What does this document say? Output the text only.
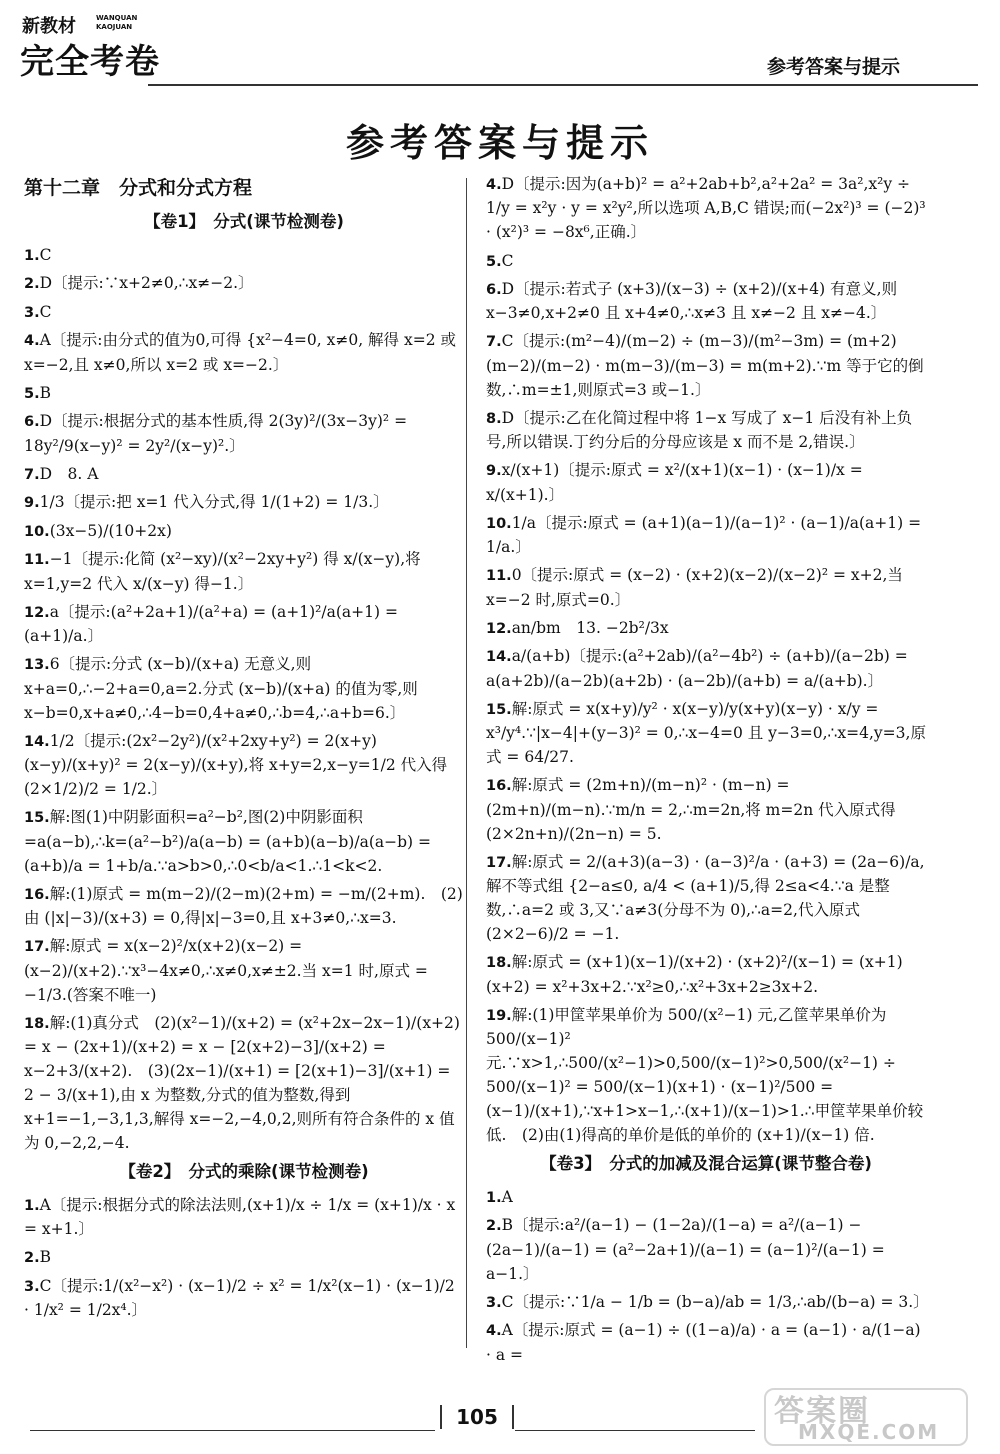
新教材	WANQUAN
KAOJUAN
完全考卷	参考答案与提示
参考答案与提示
第十二章　分式和分式方程
【卷1】　分式(课节检测卷)
1.C
2.D〔提示:∵x+2≠0,∴x≠−2.〕
3.C
4.A〔提示:由分式的值为0,可得 {x²−4=0, x≠0, 解得 x=2 或 x=−2,且 x≠0,所以 x=2 或 x=−2.〕
5.B
6.D〔提示:根据分式的基本性质,得 2(3y)²/(3x−3y)² = 18y²/9(x−y)² = 2y²/(x−y)².〕
7.D　8. A
9.1/3〔提示:把 x=1 代入分式,得 1/(1+2) = 1/3.〕
10.(3x−5)/(10+2x)
11.−1〔提示:化简 (x²−xy)/(x²−2xy+y²) 得 x/(x−y),将 x=1,y=2 代入 x/(x−y) 得−1.〕
12.a〔提示:(a²+2a+1)/(a²+a) = (a+1)²/a(a+1) = (a+1)/a.〕
13.6〔提示:分式 (x−b)/(x+a) 无意义,则 x+a=0,∴−2+a=0,a=2.分式 (x−b)/(x+a) 的值为零,则 x−b=0,x+a≠0,∴4−b=0,4+a≠0,∴b=4,∴a+b=6.〕
14.1/2〔提示:(2x²−2y²)/(x²+2xy+y²) = 2(x+y)(x−y)/(x+y)² = 2(x−y)/(x+y),将 x+y=2,x−y=1/2 代入得 (2×1/2)/2 = 1/2.〕
15.解:图(1)中阴影面积=a²−b²,图(2)中阴影面积=a(a−b),∴k=(a²−b²)/a(a−b) = (a+b)(a−b)/a(a−b) = (a+b)/a = 1+b/a.∵a>b>0,∴0<b/a<1.∴1<k<2.
16.解:(1)原式 = m(m−2)/(2−m)(2+m) = −m/(2+m).　(2)由 (|x|−3)/(x+3) = 0,得|x|−3=0,且 x+3≠0,∴x=3.
17.解:原式 = x(x−2)²/x(x+2)(x−2) = (x−2)/(x+2).∵x³−4x≠0,∴x≠0,x≠±2.当 x=1 时,原式 = −1/3.(答案不唯一)
18.解:(1)真分式　(2)(x²−1)/(x+2) = (x²+2x−2x−1)/(x+2) = x − (2x+1)/(x+2) = x − [2(x+2)−3]/(x+2) = x−2+3/(x+2).　(3)(2x−1)/(x+1) = [2(x+1)−3]/(x+1) = 2 − 3/(x+1),由 x 为整数,分式的值为整数,得到 x+1=−1,−3,1,3,解得 x=−2,−4,0,2,则所有符合条件的 x 值为 0,−2,2,−4.
【卷2】　分式的乘除(课节检测卷)
1.A〔提示:根据分式的除法法则,(x+1)/x ÷ 1/x = (x+1)/x · x = x+1.〕
2.B
3.C〔提示:1/(x²−x²) · (x−1)/2 ÷ x² = 1/x²(x−1) · (x−1)/2 · 1/x² = 1/2x⁴.〕
4.D〔提示:因为(a+b)² = a²+2ab+b²,a²+2a² = 3a²,x²y ÷ 1/y = x²y · y = x²y²,所以选项 A,B,C 错误;而(−2x²)³ = (−2)³ · (x²)³ = −8x⁶,正确.〕
5.C
6.D〔提示:若式子 (x+3)/(x−3) ÷ (x+2)/(x+4) 有意义,则 x−3≠0,x+2≠0 且 x+4≠0,∴x≠3 且 x≠−2 且 x≠−4.〕
7.C〔提示:(m²−4)/(m−2) ÷ (m−3)/(m²−3m) = (m+2)(m−2)/(m−2) · m(m−3)/(m−3) = m(m+2).∵m 等于它的倒数,∴m=±1,则原式=3 或−1.〕
8.D〔提示:乙在化简过程中将 1−x 写成了 x−1 后没有补上负号,所以错误.丁约分后的分母应该是 x 而不是 2,错误.〕
9.x/(x+1)〔提示:原式 = x²/(x+1)(x−1) · (x−1)/x = x/(x+1).〕
10.1/a〔提示:原式 = (a+1)(a−1)/(a−1)² · (a−1)/a(a+1) = 1/a.〕
11.0〔提示:原式 = (x−2) · (x+2)(x−2)/(x−2)² = x+2,当 x=−2 时,原式=0.〕
12.an/bm　13. −2b²/3x
14.a/(a+b)〔提示:(a²+2ab)/(a²−4b²) ÷ (a+b)/(a−2b) = a(a+2b)/(a−2b)(a+2b) · (a−2b)/(a+b) = a/(a+b).〕
15.解:原式 = x(x+y)/y² · x(x−y)/y(x+y)(x−y) · x/y = x³/y⁴.∵|x−4|+(y−3)² = 0,∴x−4=0 且 y−3=0,∴x=4,y=3,原式 = 64/27.
16.解:原式 = (2m+n)/(m−n)² · (m−n) = (2m+n)/(m−n).∵m/n = 2,∴m=2n,将 m=2n 代入原式得 (2×2n+n)/(2n−n) = 5.
17.解:原式 = 2/(a+3)(a−3) · (a−3)²/a · (a+3) = (2a−6)/a,解不等式组 {2−a≤0, a/4 < (a+1)/5,得 2≤a<4.∵a 是整数,∴a=2 或 3,又∵a≠3(分母不为 0),∴a=2,代入原式 (2×2−6)/2 = −1.
18.解:原式 = (x+1)(x−1)/(x+2) · (x+2)²/(x−1) = (x+1)(x+2) = x²+3x+2.∵x²≥0,∴x²+3x+2≥3x+2.
19.解:(1)甲筐苹果单价为 500/(x²−1) 元,乙筐苹果单价为 500/(x−1)² 元.∵x>1,∴500/(x²−1)>0,500/(x−1)²>0,500/(x²−1) ÷ 500/(x−1)² = 500/(x−1)(x+1) · (x−1)²/500 = (x−1)/(x+1),∵x+1>x−1,∴(x+1)/(x−1)>1.∴甲筐苹果单价较低.　(2)由(1)得高的单价是低的单价的 (x+1)/(x−1) 倍.
【卷3】　分式的加减及混合运算(课节整合卷)
1.A
2.B〔提示:a²/(a−1) − (1−2a)/(1−a) = a²/(a−1) − (2a−1)/(a−1) = (a²−2a+1)/(a−1) = (a−1)²/(a−1) = a−1.〕
3.C〔提示:∵1/a − 1/b = (b−a)/ab = 1/3,∴ab/(b−a) = 3.〕
4.A〔提示:原式 = (a−1) ÷ ((1−a)/a) · a = (a−1) · a/(1−a) · a =
105	答案圈
MXQE.COM
